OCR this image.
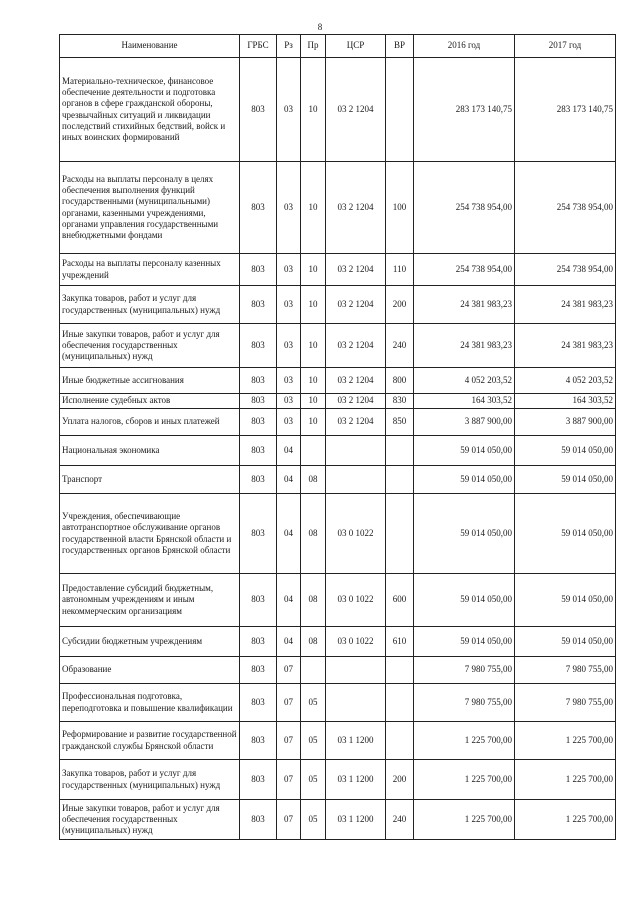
8
Наименование	ГРБС	Рз	Пр	ЦСР	ВР	2016 год	2017 год
Материально-техническое, финансовое обеспечение деятельности и подготовка органов в сфере гражданской обороны, чрезвычайных ситуаций и ликвидации последствий стихийных бедствий, войск и иных воинских формирований	803	03	10	03 2 1204		283 173 140,75	283 173 140,75
Расходы на выплаты персоналу в целях обеспечения выполнения функций государственными (муниципальными) органами, казенными учреждениями, органами управления государственными внебюджетными фондами	803	03	10	03 2 1204	100	254 738 954,00	254 738 954,00
Расходы на выплаты персоналу казенных учреждений	803	03	10	03 2 1204	110	254 738 954,00	254 738 954,00
Закупка товаров, работ и услуг для государственных (муниципальных) нужд	803	03	10	03 2 1204	200	24 381 983,23	24 381 983,23
Иные закупки товаров, работ и услуг для обеспечения государственных (муниципальных) нужд	803	03	10	03 2 1204	240	24 381 983,23	24 381 983,23
Иные бюджетные ассигнования	803	03	10	03 2 1204	800	4 052 203,52	4 052 203,52
Исполнение судебных актов	803	03	10	03 2 1204	830	164 303,52	164 303,52
Уплата налогов, сборов и иных платежей	803	03	10	03 2 1204	850	3 887 900,00	3 887 900,00
Национальная экономика	803	04				59 014 050,00	59 014 050,00
Транспорт	803	04	08			59 014 050,00	59 014 050,00
Учреждения, обеспечивающие автотранспортное обслуживание органов государственной власти Брянской области и государственных органов Брянской области	803	04	08	03 0 1022		59 014 050,00	59 014 050,00
Предоставление субсидий бюджетным, автономным учреждениям и иным некоммерческим организациям	803	04	08	03 0 1022	600	59 014 050,00	59 014 050,00
Субсидии бюджетным учреждениям	803	04	08	03 0 1022	610	59 014 050,00	59 014 050,00
Образование	803	07				7 980 755,00	7 980 755,00
Профессиональная подготовка, переподготовка и повышение квалификации	803	07	05			7 980 755,00	7 980 755,00
Реформирование и развитие государственной гражданской службы Брянской области	803	07	05	03 1 1200		1 225 700,00	1 225 700,00
Закупка товаров, работ и услуг для государственных (муниципальных) нужд	803	07	05	03 1 1200	200	1 225 700,00	1 225 700,00
Иные закупки товаров, работ и услуг для обеспечения государственных (муниципальных) нужд	803	07	05	03 1 1200	240	1 225 700,00	1 225 700,00
